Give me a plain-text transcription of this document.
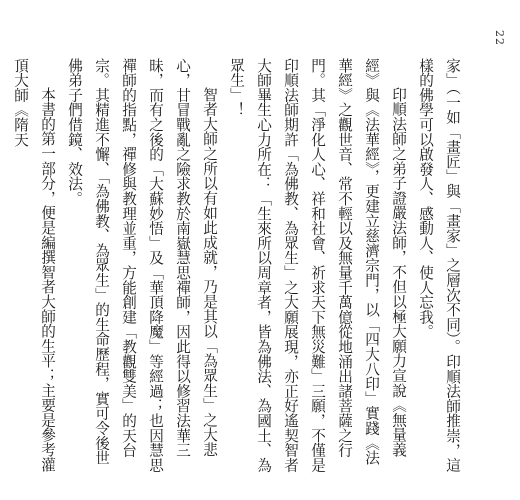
22

家」（一如「畫匠」與「畫家」之層次不同）。印順法師推崇，這樣的佛學可以啟發人、感動人、使人忘我。

印順法師之弟子證嚴法師，不但以極大願力宣說《無量義經》與《法華經》，更建立慈濟宗門，以「四大八印」實踐《法華經》之觀世音、常不輕以及無量千萬億從地涌出諸菩薩之行門。其「淨化人心、祥和社會、祈求天下無災難」三願，不僅是印順法師期許「為佛教、為眾生」之大願展現，亦正好遙契智者大師畢生心力所在：「生來所以周章者，皆為佛法、為國土、為眾生」！

智者大師之所以有如此成就，乃是其以「為眾生」之大悲心，甘冒戰亂之險求教於南嶽慧思禪師，因此得以修習法華三昧，而有之後的「大蘇妙悟」及「華頂降魔」等經過；也因慧思禪師的指點，禪修與教理並重，方能創建「教觀雙美」的天台宗。其精進不懈、「為佛教、為眾生」的生命歷程，實可令後世佛弟子們借鏡、效法。

本書的第一部分，便是編撰智者大師的生平；主要是參考灌頂大師《隋天
